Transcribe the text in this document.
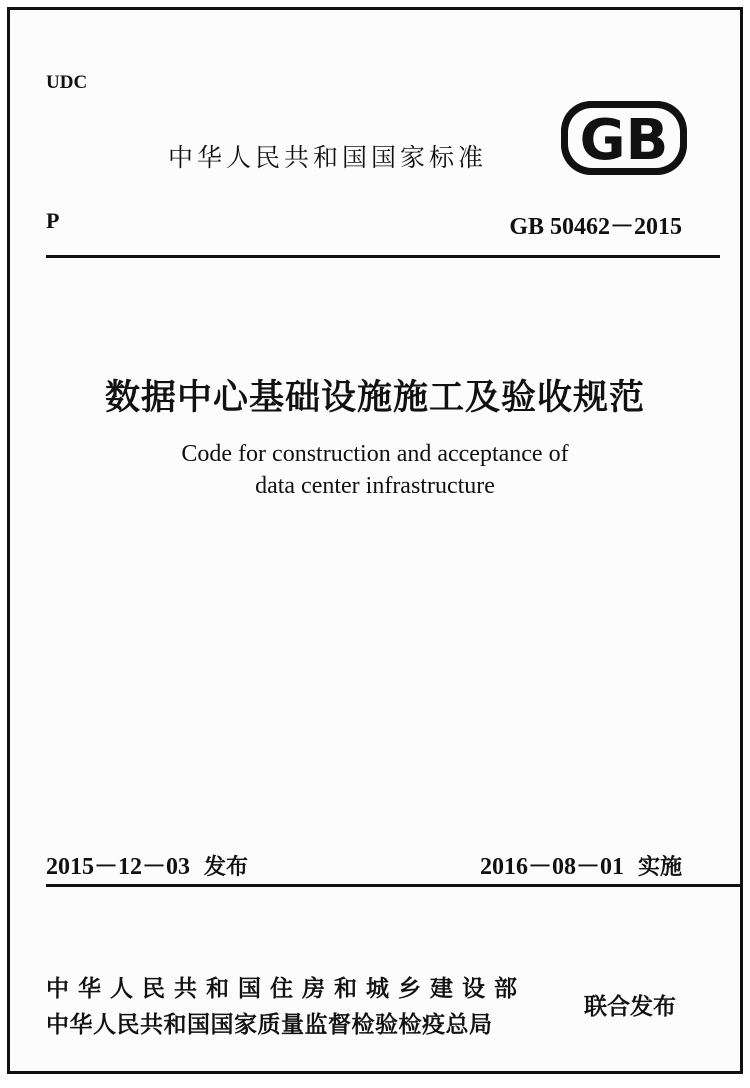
UDC
中华人民共和国国家标准 GB
P	GB 50462－2015
数据中心基础设施施工及验收规范
Code for construction and acceptance of
data center infrastructure
2015－12－03 发布	2016－08－01 实施
中华人民共和国住房和城乡建设部
中华人民共和国国家质量监督检验检疫总局
联合发布
